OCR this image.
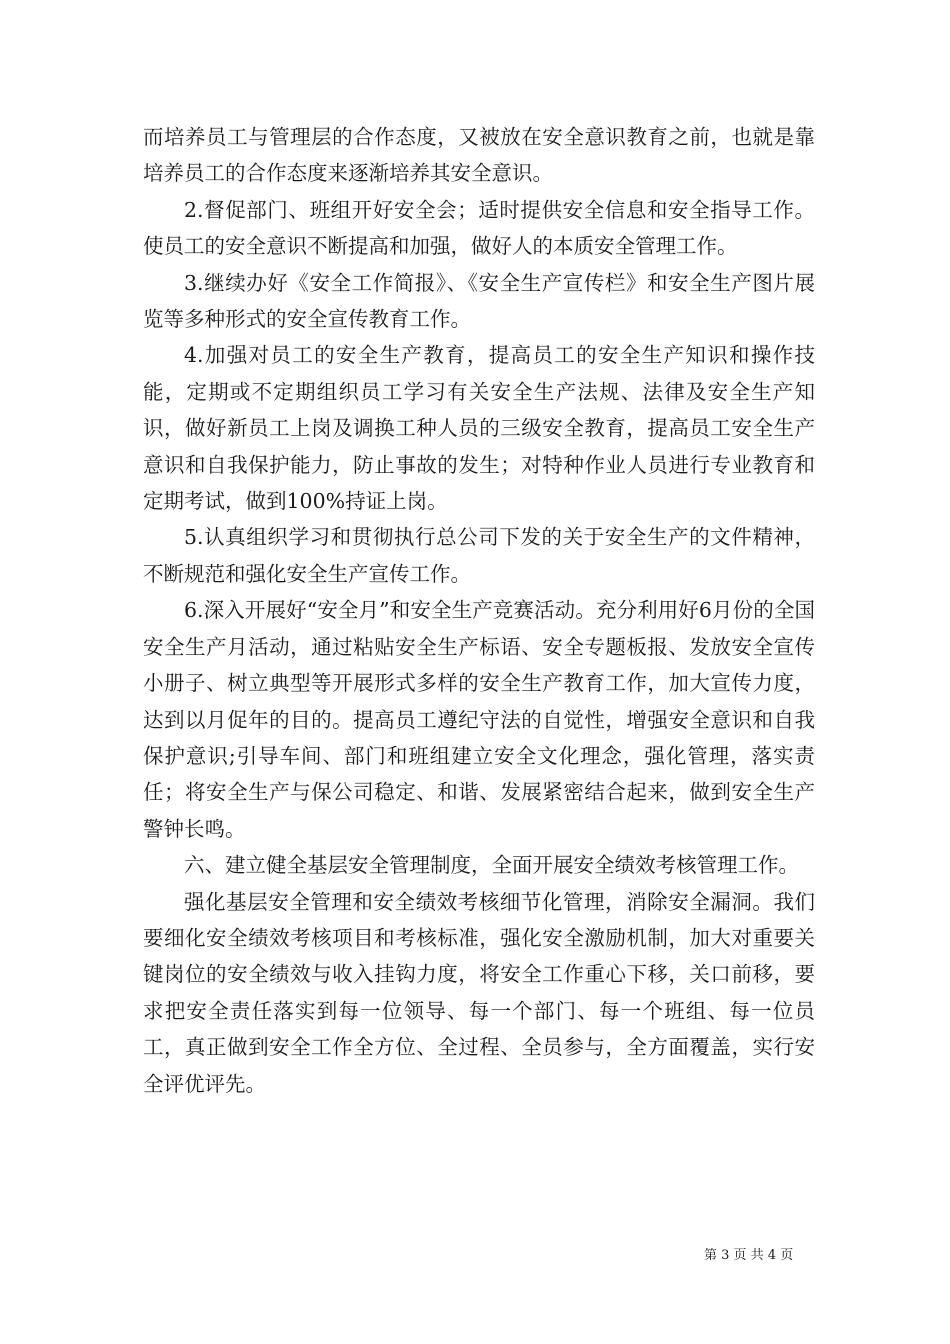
而培养员工与管理层的合作态度，又被放在安全意识教育之前，也就是靠培养员工的合作态度来逐渐培养其安全意识。

2.督促部门、班组开好安全会；适时提供安全信息和安全指导工作。使员工的安全意识不断提高和加强，做好人的本质安全管理工作。

3.继续办好《安全工作简报》、《安全生产宣传栏》和安全生产图片展览等多种形式的安全宣传教育工作。

4.加强对员工的安全生产教育，提高员工的安全生产知识和操作技能，定期或不定期组织员工学习有关安全生产法规、法律及安全生产知识，做好新员工上岗及调换工种人员的三级安全教育，提高员工安全生产意识和自我保护能力，防止事故的发生；对特种作业人员进行专业教育和定期考试，做到100%持证上岗。

5.认真组织学习和贯彻执行总公司下发的关于安全生产的文件精神，不断规范和强化安全生产宣传工作。

6.深入开展好“安全月”和安全生产竞赛活动。充分利用好6月份的全国安全生产月活动，通过粘贴安全生产标语、安全专题板报、发放安全宣传小册子、树立典型等开展形式多样的安全生产教育工作，加大宣传力度，达到以月促年的目的。提高员工遵纪守法的自觉性，增强安全意识和自我保护意识;引导车间、部门和班组建立安全文化理念，强化管理，落实责任；将安全生产与保公司稳定、和谐、发展紧密结合起来，做到安全生产警钟长鸣。

六、建立健全基层安全管理制度，全面开展安全绩效考核管理工作。

强化基层安全管理和安全绩效考核细节化管理，消除安全漏洞。我们要细化安全绩效考核项目和考核标准，强化安全激励机制，加大对重要关键岗位的安全绩效与收入挂钩力度，将安全工作重心下移，关口前移，要求把安全责任落实到每一位领导、每一个部门、每一个班组、每一位员工，真正做到安全工作全方位、全过程、全员参与，全方面覆盖，实行安全评优评先。

第 3 页 共 4 页
